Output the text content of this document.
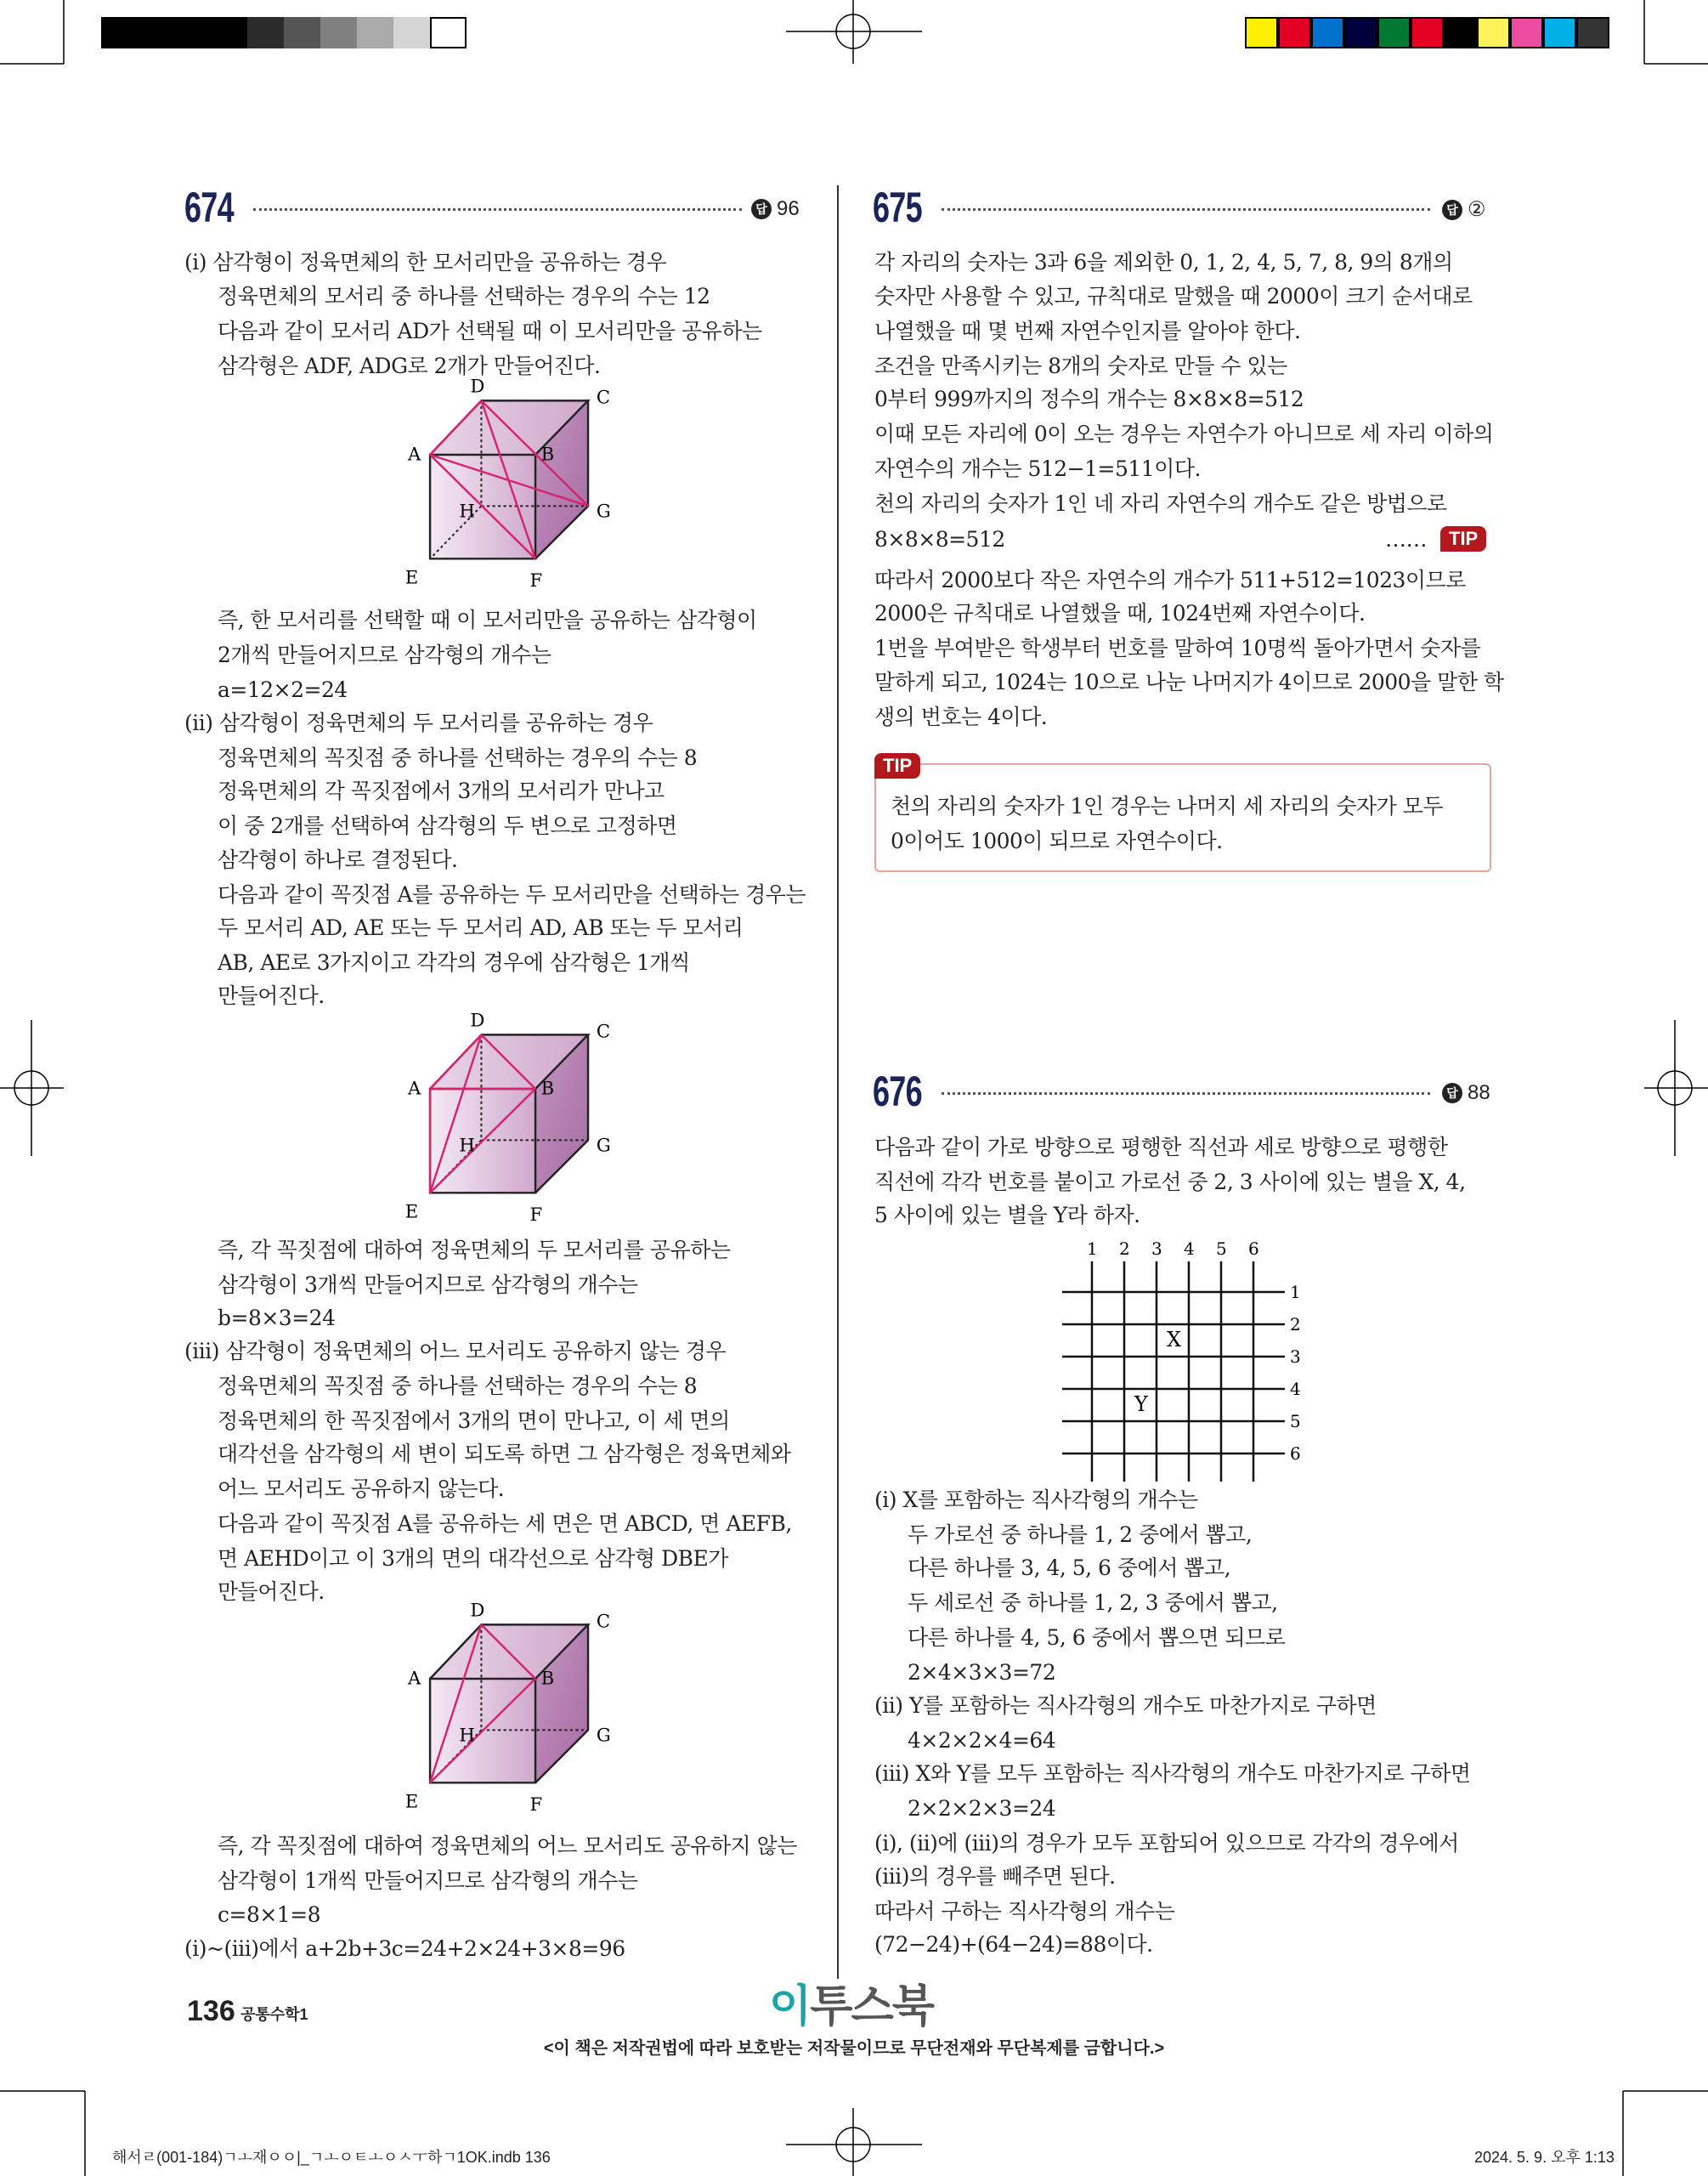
674	답 96 675	답 ②
676	답 88
(i) 삼각형이 정육면체의 한 모서리만을 공유하는 경우
정육면체의 모서리 중 하나를 선택하는 경우의 수는 12
다음과 같이 모서리 AD가 선택될 때 이 모서리만을 공유하는
삼각형은 ADF, ADG로 2개가 만들어진다.
즉, 한 모서리를 선택할 때 이 모서리만을 공유하는 삼각형이
2개씩 만들어지므로 삼각형의 개수는
a=12×2=24
(ii) 삼각형이 정육면체의 두 모서리를 공유하는 경우
정육면체의 꼭짓점 중 하나를 선택하는 경우의 수는 8
정육면체의 각 꼭짓점에서 3개의 모서리가 만나고
이 중 2개를 선택하여 삼각형의 두 변으로 고정하면
삼각형이 하나로 결정된다.
다음과 같이 꼭짓점 A를 공유하는 두 모서리만을 선택하는 경우는
두 모서리 AD, AE 또는 두 모서리 AD, AB 또는 두 모서리
AB, AE로 3가지이고 각각의 경우에 삼각형은 1개씩
만들어진다.
즉, 각 꼭짓점에 대하여 정육면체의 두 모서리를 공유하는
삼각형이 3개씩 만들어지므로 삼각형의 개수는
b=8×3=24
(iii) 삼각형이 정육면체의 어느 모서리도 공유하지 않는 경우
정육면체의 꼭짓점 중 하나를 선택하는 경우의 수는 8
정육면체의 한 꼭짓점에서 3개의 면이 만나고, 이 세 면의
대각선을 삼각형의 세 변이 되도록 하면 그 삼각형은 정육면체와
어느 모서리도 공유하지 않는다.
다음과 같이 꼭짓점 A를 공유하는 세 면은 면 ABCD, 면 AEFB,
면 AEHD이고 이 3개의 면의 대각선으로 삼각형 DBE가
만들어진다.
즉, 각 꼭짓점에 대하여 정육면체의 어느 모서리도 공유하지 않는
삼각형이 1개씩 만들어지므로 삼각형의 개수는
c=8×1=8
(i)~(iii)에서 a+2b+3c=24+2×24+3×8=96
각 자리의 숫자는 3과 6을 제외한 0, 1, 2, 4, 5, 7, 8, 9의 8개의
숫자만 사용할 수 있고, 규칙대로 말했을 때 2000이 크기 순서대로
나열했을 때 몇 번째 자연수인지를 알아야 한다.
조건을 만족시키는 8개의 숫자로 만들 수 있는
0부터 999까지의 정수의 개수는 8×8×8=512
이때 모든 자리에 0이 오는 경우는 자연수가 아니므로 세 자리 이하의
자연수의 개수는 512−1=511이다.
천의 자리의 숫자가 1인 네 자리 자연수의 개수도 같은 방법으로
8×8×8=512
따라서 2000보다 작은 자연수의 개수가 511+512=1023이므로
2000은 규칙대로 나열했을 때, 1024번째 자연수이다.
1번을 부여받은 학생부터 번호를 말하여 10명씩 돌아가면서 숫자를
말하게 되고, 1024는 10으로 나눈 나머지가 4이므로 2000을 말한 학
생의 번호는 4이다.
천의 자리의 숫자가 1인 경우는 나머지 세 자리의 숫자가 모두
0이어도 1000이 되므로 자연수이다.
다음과 같이 가로 방향으로 평행한 직선과 세로 방향으로 평행한
직선에 각각 번호를 붙이고 가로선 중 2, 3 사이에 있는 별을 X, 4,
5 사이에 있는 별을 Y라 하자.
(i) X를 포함하는 직사각형의 개수는
두 가로선 중 하나를 1, 2 중에서 뽑고,
다른 하나를 3, 4, 5, 6 중에서 뽑고,
두 세로선 중 하나를 1, 2, 3 중에서 뽑고,
다른 하나를 4, 5, 6 중에서 뽑으면 되므로
2×4×3×3=72
(ii) Y를 포함하는 직사각형의 개수도 마찬가지로 구하면
4×2×2×4=64
(iii) X와 Y를 모두 포함하는 직사각형의 개수도 마찬가지로 구하면
2×2×2×3=24
(i), (ii)에 (iii)의 경우가 모두 포함되어 있으므로 각각의 경우에서
(iii)의 경우를 빼주면 된다.
따라서 구하는 직사각형의 개수는
(72−24)+(64−24)=88이다.
……	TIP
TIP
A	B
C
D
E	F
G
H
A	B
C
D
E	F
G
H
A	B
C
D
E	F
G
H
1
1
2
2
3
3
4
4
5
5
6
6
X
Y
136 공통수학1	이투스북
<이 책은 저작권법에 따라 보호받는 저작물이므로 무단전재와 무단복제를 금합니다.>
해서ㄹ(001-184)ㄱㅗ재ㅇㅇ|_ㄱㅗㅇㅌㅗㅇㅅㅜ하ㄱ1OK.indb 136	2024. 5. 9. 오후 1:13
